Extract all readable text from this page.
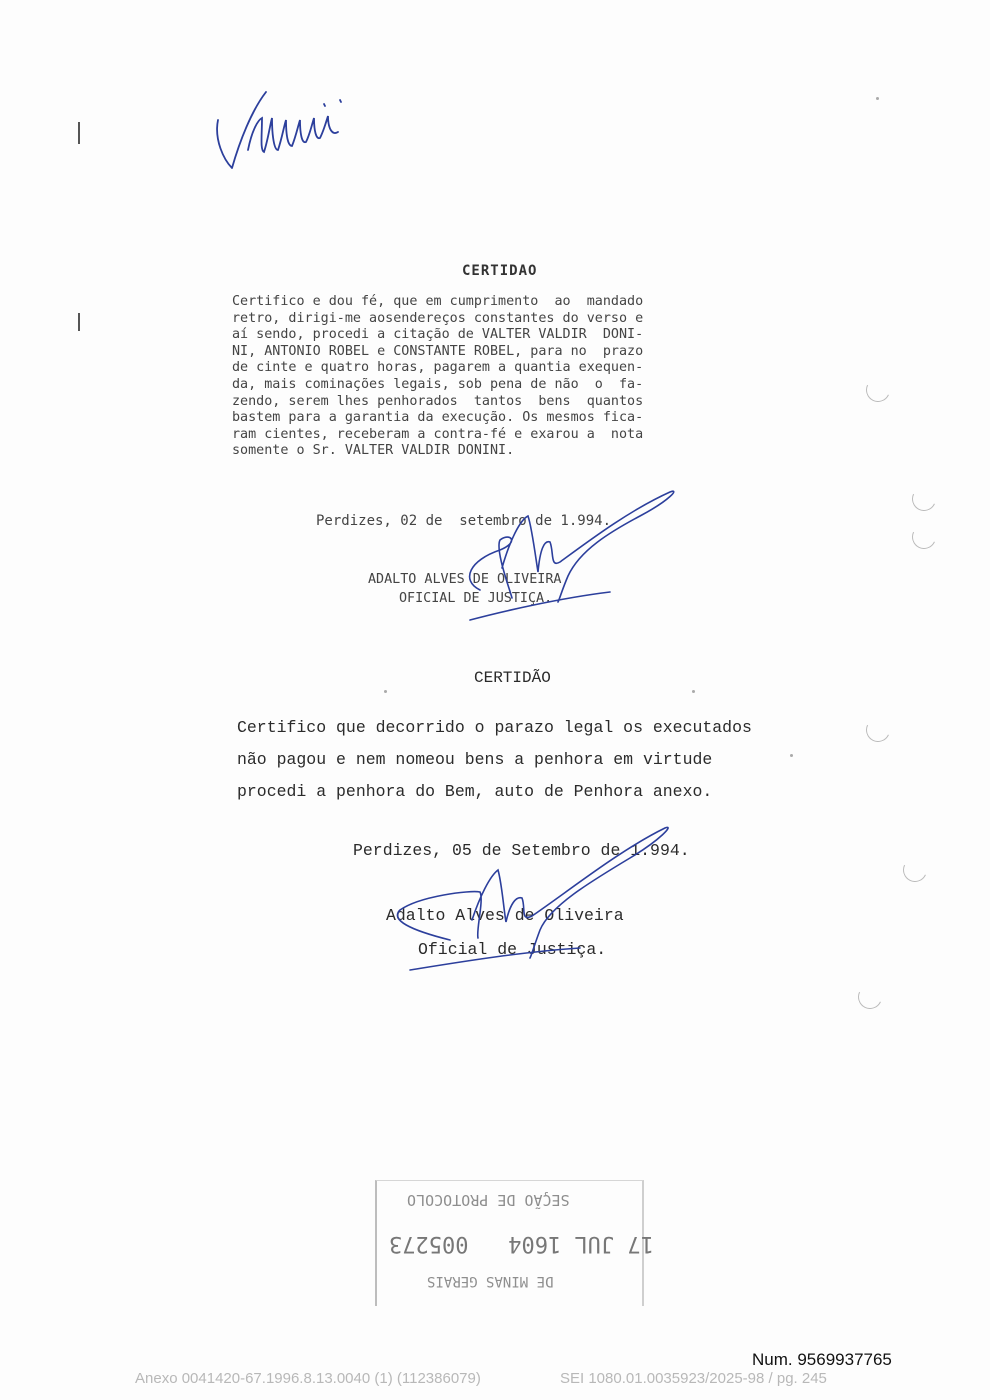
CERTIDAO
Certifico e dou fé, que em cumprimento  ao  mandado
retro, dirigi-me aosendereços constantes do verso e
aí sendo, procedi a citação de VALTER VALDIR  DONI-
NI, ANTONIO ROBEL e CONSTANTE ROBEL, para no  prazo
de cinte e quatro horas, pagarem a quantia exequen-
da, mais cominações legais, sob pena de não  o  fa-
zendo, serem lhes penhorados  tantos  bens  quantos
bastem para a garantia da execução. Os mesmos fica-
ram cientes, receberam a contra-fé e exarou a  nota
somente o Sr. VALTER VALDIR DONINI.
Perdizes, 02 de  setembro de 1.994.
ADALTO ALVES DE OLIVEIRA
OFICIAL DE JUSTIÇA.
CERTIDÃO
Certifico que decorrido o parazo legal os executados
não pagou e nem nomeou bens a penhora em virtude
procedi a penhora do Bem, auto de Penhora anexo.
Perdizes, 05 de Setembro de 1.994.
Adalto Alves de Oliveira
Oficial de Justiça.
SEÇÃO DE PROTOCOLO
17 JUL 1604   005273
DE MINAS GERAIS
Num. 9569937765
Anexo 0041420-67.1996.8.13.0040 (1) (112386079)	SEI 1080.01.0035923/2025-98 / pg. 245
